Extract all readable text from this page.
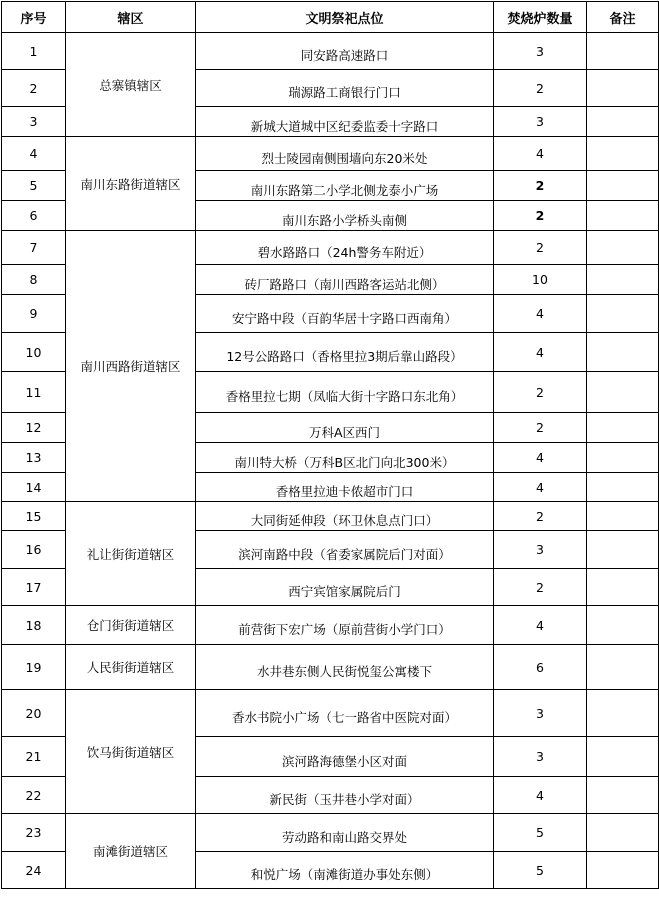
序号	辖区	文明祭祀点位	焚烧炉数量	备注
1	总寨镇辖区	同安路高速路口	3	
2		瑞源路工商银行门口	2	
3		新城大道城中区纪委监委十字路口	3	
4	南川东路街道辖区	烈士陵园南侧围墙向东20米处	4	
5		南川东路第二小学北侧龙泰小广场	2	
6		南川东路小学桥头南侧	2	
7	南川西路街道辖区	碧水路路口（24h警务车附近）	2	
8		砖厂路路口（南川西路客运站北侧）	10	
9		安宁路中段（百韵华居十字路口西南角）	4	
10		12号公路路口（香格里拉3期后靠山路段）	4	
11		香格里拉七期（凤临大街十字路口东北角）	2	
12		万科A区西门	2	
13		南川特大桥（万科B区北门向北300米）	4	
14		香格里拉迪卡侬超市门口	4	
15	礼让街街道辖区	大同街延伸段（环卫休息点门口）	2	
16		滨河南路中段（省委家属院后门对面）	3	
17		西宁宾馆家属院后门	2	
18	仓门街街道辖区	前营街下宏广场（原前营街小学门口）	4	
19	人民街街道辖区	水井巷东侧人民街悦玺公寓楼下	6	
20	饮马街街道辖区	香水书院小广场（七一路省中医院对面）	3	
21		滨河路海德堡小区对面	3	
22		新民街（玉井巷小学对面）	4	
23	南滩街道辖区	劳动路和南山路交界处	5	
24		和悦广场（南滩街道办事处东侧）	5	
